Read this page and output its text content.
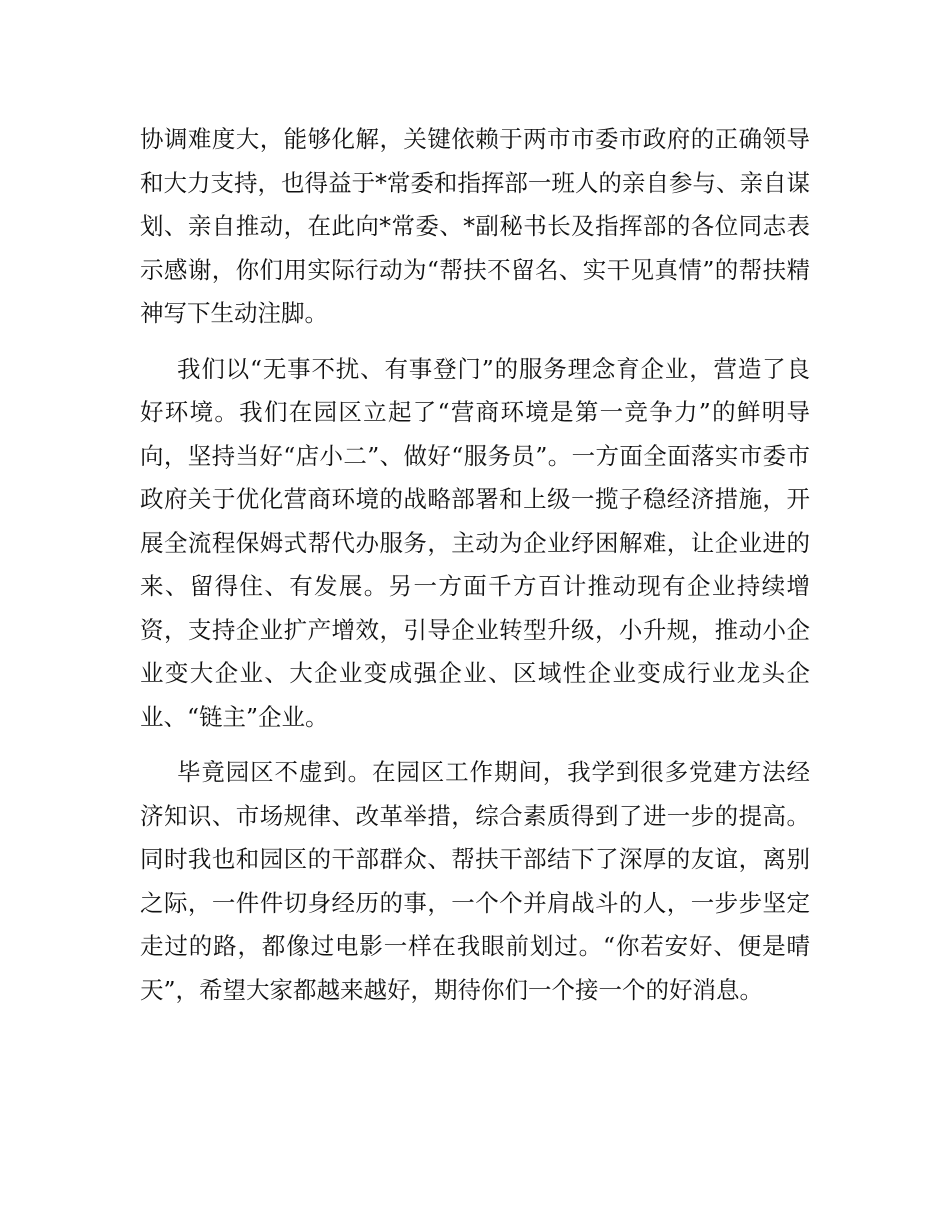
协调难度大，能够化解，关键依赖于两市市委市政府的正确领导和大力支持，也得益于*常委和指挥部一班人的亲自参与、亲自谋划、亲自推动，在此向*常委、*副秘书长及指挥部的各位同志表示感谢，你们用实际行动为“帮扶不留名、实干见真情”的帮扶精神写下生动注脚。

我们以“无事不扰、有事登门”的服务理念育企业，营造了良好环境。我们在园区立起了“营商环境是第一竞争力”的鲜明导向，坚持当好“店小二”、做好“服务员”。一方面全面落实市委市政府关于优化营商环境的战略部署和上级一揽子稳经济措施，开展全流程保姆式帮代办服务，主动为企业纾困解难，让企业进的来、留得住、有发展。另一方面千方百计推动现有企业持续增资，支持企业扩产增效，引导企业转型升级，小升规，推动小企业变大企业、大企业变成强企业、区域性企业变成行业龙头企业、“链主”企业。

毕竟园区不虚到。在园区工作期间，我学到很多党建方法经济知识、市场规律、改革举措，综合素质得到了进一步的提高。同时我也和园区的干部群众、帮扶干部结下了深厚的友谊，离别之际，一件件切身经历的事，一个个并肩战斗的人，一步步坚定走过的路，都像过电影一样在我眼前划过。“你若安好、便是晴天”，希望大家都越来越好，期待你们一个接一个的好消息。
